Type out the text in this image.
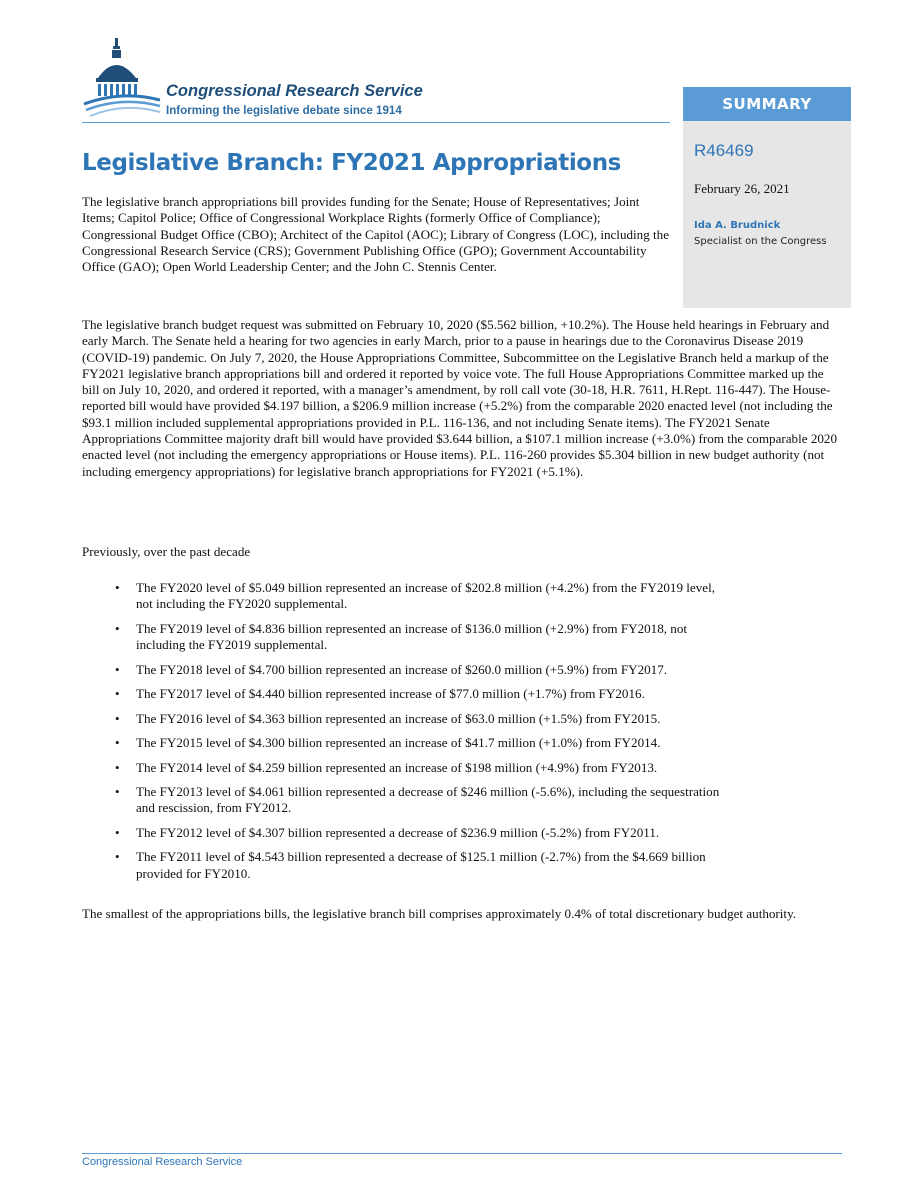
Congressional Research Service
Informing the legislative debate since 1914	SUMMARY
R46469
February 26, 2021
Ida A. Brudnick
Specialist on the Congress
Legislative Branch: FY2021 Appropriations

The legislative branch appropriations bill provides funding for the Senate; House of Representatives; Joint Items; Capitol Police; Office of Congressional Workplace Rights (formerly Office of Compliance); Congressional Budget Office (CBO); Architect of the Capitol (AOC); Library of Congress (LOC), including the Congressional Research Service (CRS); Government Publishing Office (GPO); Government Accountability Office (GAO); Open World Leadership Center; and the John C. Stennis Center.

The legislative branch budget request was submitted on February 10, 2020 ($5.562 billion, +10.2%). The House held hearings in February and early March. The Senate held a hearing for two agencies in early March, prior to a pause in hearings due to the Coronavirus Disease 2019 (COVID-19) pandemic. On July 7, 2020, the House Appropriations Committee, Subcommittee on the Legislative Branch held a markup of the FY2021 legislative branch appropriations bill and ordered it reported by voice vote. The full House Appropriations Committee marked up the bill on July 10, 2020, and ordered it reported, with a manager’s amendment, by roll call vote (30-18, H.R. 7611, H.Rept. 116-447). The House-reported bill would have provided $4.197 billion, a $206.9 million increase (+5.2%) from the comparable 2020 enacted level (not including the $93.1 million included supplemental appropriations provided in P.L. 116-136, and not including Senate items). The FY2021 Senate Appropriations Committee majority draft bill would have provided $3.644 billion, a $107.1 million increase (+3.0%) from the comparable 2020 enacted level (not including the emergency appropriations or House items). P.L. 116-260 provides $5.304 billion in new budget authority (not including emergency appropriations) for legislative branch appropriations for FY2021 (+5.1%).

Previously, over the past decade

• The FY2020 level of $5.049 billion represented an increase of $202.8 million (+4.2%) from the FY2019 level, not including the FY2020 supplemental.
• The FY2019 level of $4.836 billion represented an increase of $136.0 million (+2.9%) from FY2018, not including the FY2019 supplemental.
• The FY2018 level of $4.700 billion represented an increase of $260.0 million (+5.9%) from FY2017.
• The FY2017 level of $4.440 billion represented increase of $77.0 million (+1.7%) from FY2016.
• The FY2016 level of $4.363 billion represented an increase of $63.0 million (+1.5%) from FY2015.
• The FY2015 level of $4.300 billion represented an increase of $41.7 million (+1.0%) from FY2014.
• The FY2014 level of $4.259 billion represented an increase of $198 million (+4.9%) from FY2013.
• The FY2013 level of $4.061 billion represented a decrease of $246 million (-5.6%), including the sequestration and rescission, from FY2012.
• The FY2012 level of $4.307 billion represented a decrease of $236.9 million (-5.2%) from FY2011.
• The FY2011 level of $4.543 billion represented a decrease of $125.1 million (-2.7%) from the $4.669 billion provided for FY2010.

The smallest of the appropriations bills, the legislative branch bill comprises approximately 0.4% of total discretionary budget authority.

Congressional Research Service
